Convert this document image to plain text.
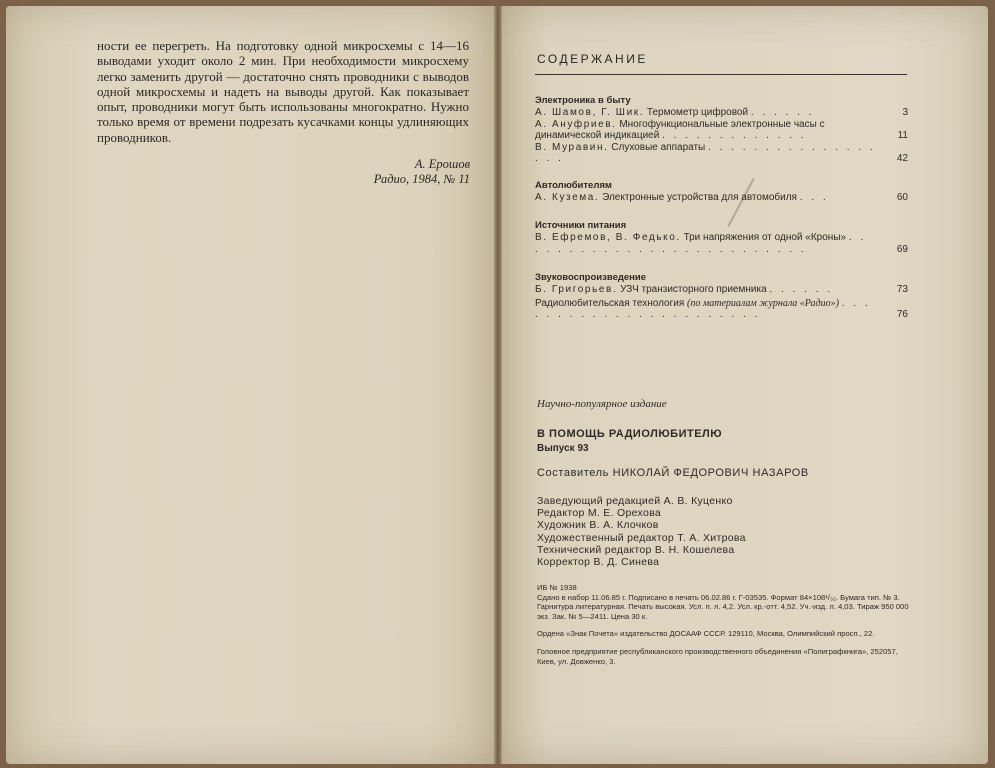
ности ее перегреть. На подготовку одной микросхемы с 14—16 выводами уходит около 2 мин. При необходимости микросхему легко заменить другой — достаточно снять проводники с выводов одной микросхемы и надеть на выводы другой. Как показывает опыт, проводники могут быть использованы многократно. Нужно только время от времени подрезать кусачками концы удлиняющих проводников.

А. Ерошов
Радио, 1984, № 11
СОДЕРЖАНИЕ
Электроника в быту
А. Шамов, Г. Шик. Термометр цифровой . . . . . .	3
А. Ануфриев. Многофункциональные электронные часы с динамической индикацией . . . . . . . . . . . . .	11
В. Муравин. Слуховые аппараты . . . . . . . . . . . . . . . . . .	42
Автолюбителям
А. Кузема. Электронные устройства для автомобиля . . .	60
Источники питания
В. Ефремов, В. Федько. Три напряжения от одной «Кроны» . . . . . . . . . . . . . . . . . . . . . . . . . .	69
Звуковоспроизведение
Б. Григорьев. УЗЧ транзисторного приемника . . . . . .	73
Радиолюбительская технология (по материалам журнала «Радио») . . . . . . . . . . . . . . . . . . . . . . .	76
Научно-популярное издание
В ПОМОЩЬ РАДИОЛЮБИТЕЛЮ
Выпуск 93
Составитель НИКОЛАЙ ФЕДОРОВИЧ НАЗАРОВ
Заведующий редакцией А. В. Куценко
Редактор М. Е. Орехова
Художник В. А. Клочков
Художественный редактор Т. А. Хитрова
Технический редактор В. Н. Кошелева
Корректор В. Д. Синева

ИБ № 1938
Сдано в набор 11.06.85 г. Подписано в печать 06.02.86 г. Г-03535. Формат 84×108¹/₃₂. Бумага тип. № 3. Гарнитура литературная. Печать высокая. Усл. п. л. 4,2. Усл. кр.-отт. 4,52. Уч.-изд. л. 4,03. Тираж 950 000 экз. Зак. № 5—2411. Цена 30 к.

Ордена «Знак Почета» издательство ДОСААФ СССР. 129110, Москва, Олимпийский просп., 22.

Головное предприятие республиканского производственного объединения «Полиграфкнига», 252057, Киев, ул. Довженко, 3.
